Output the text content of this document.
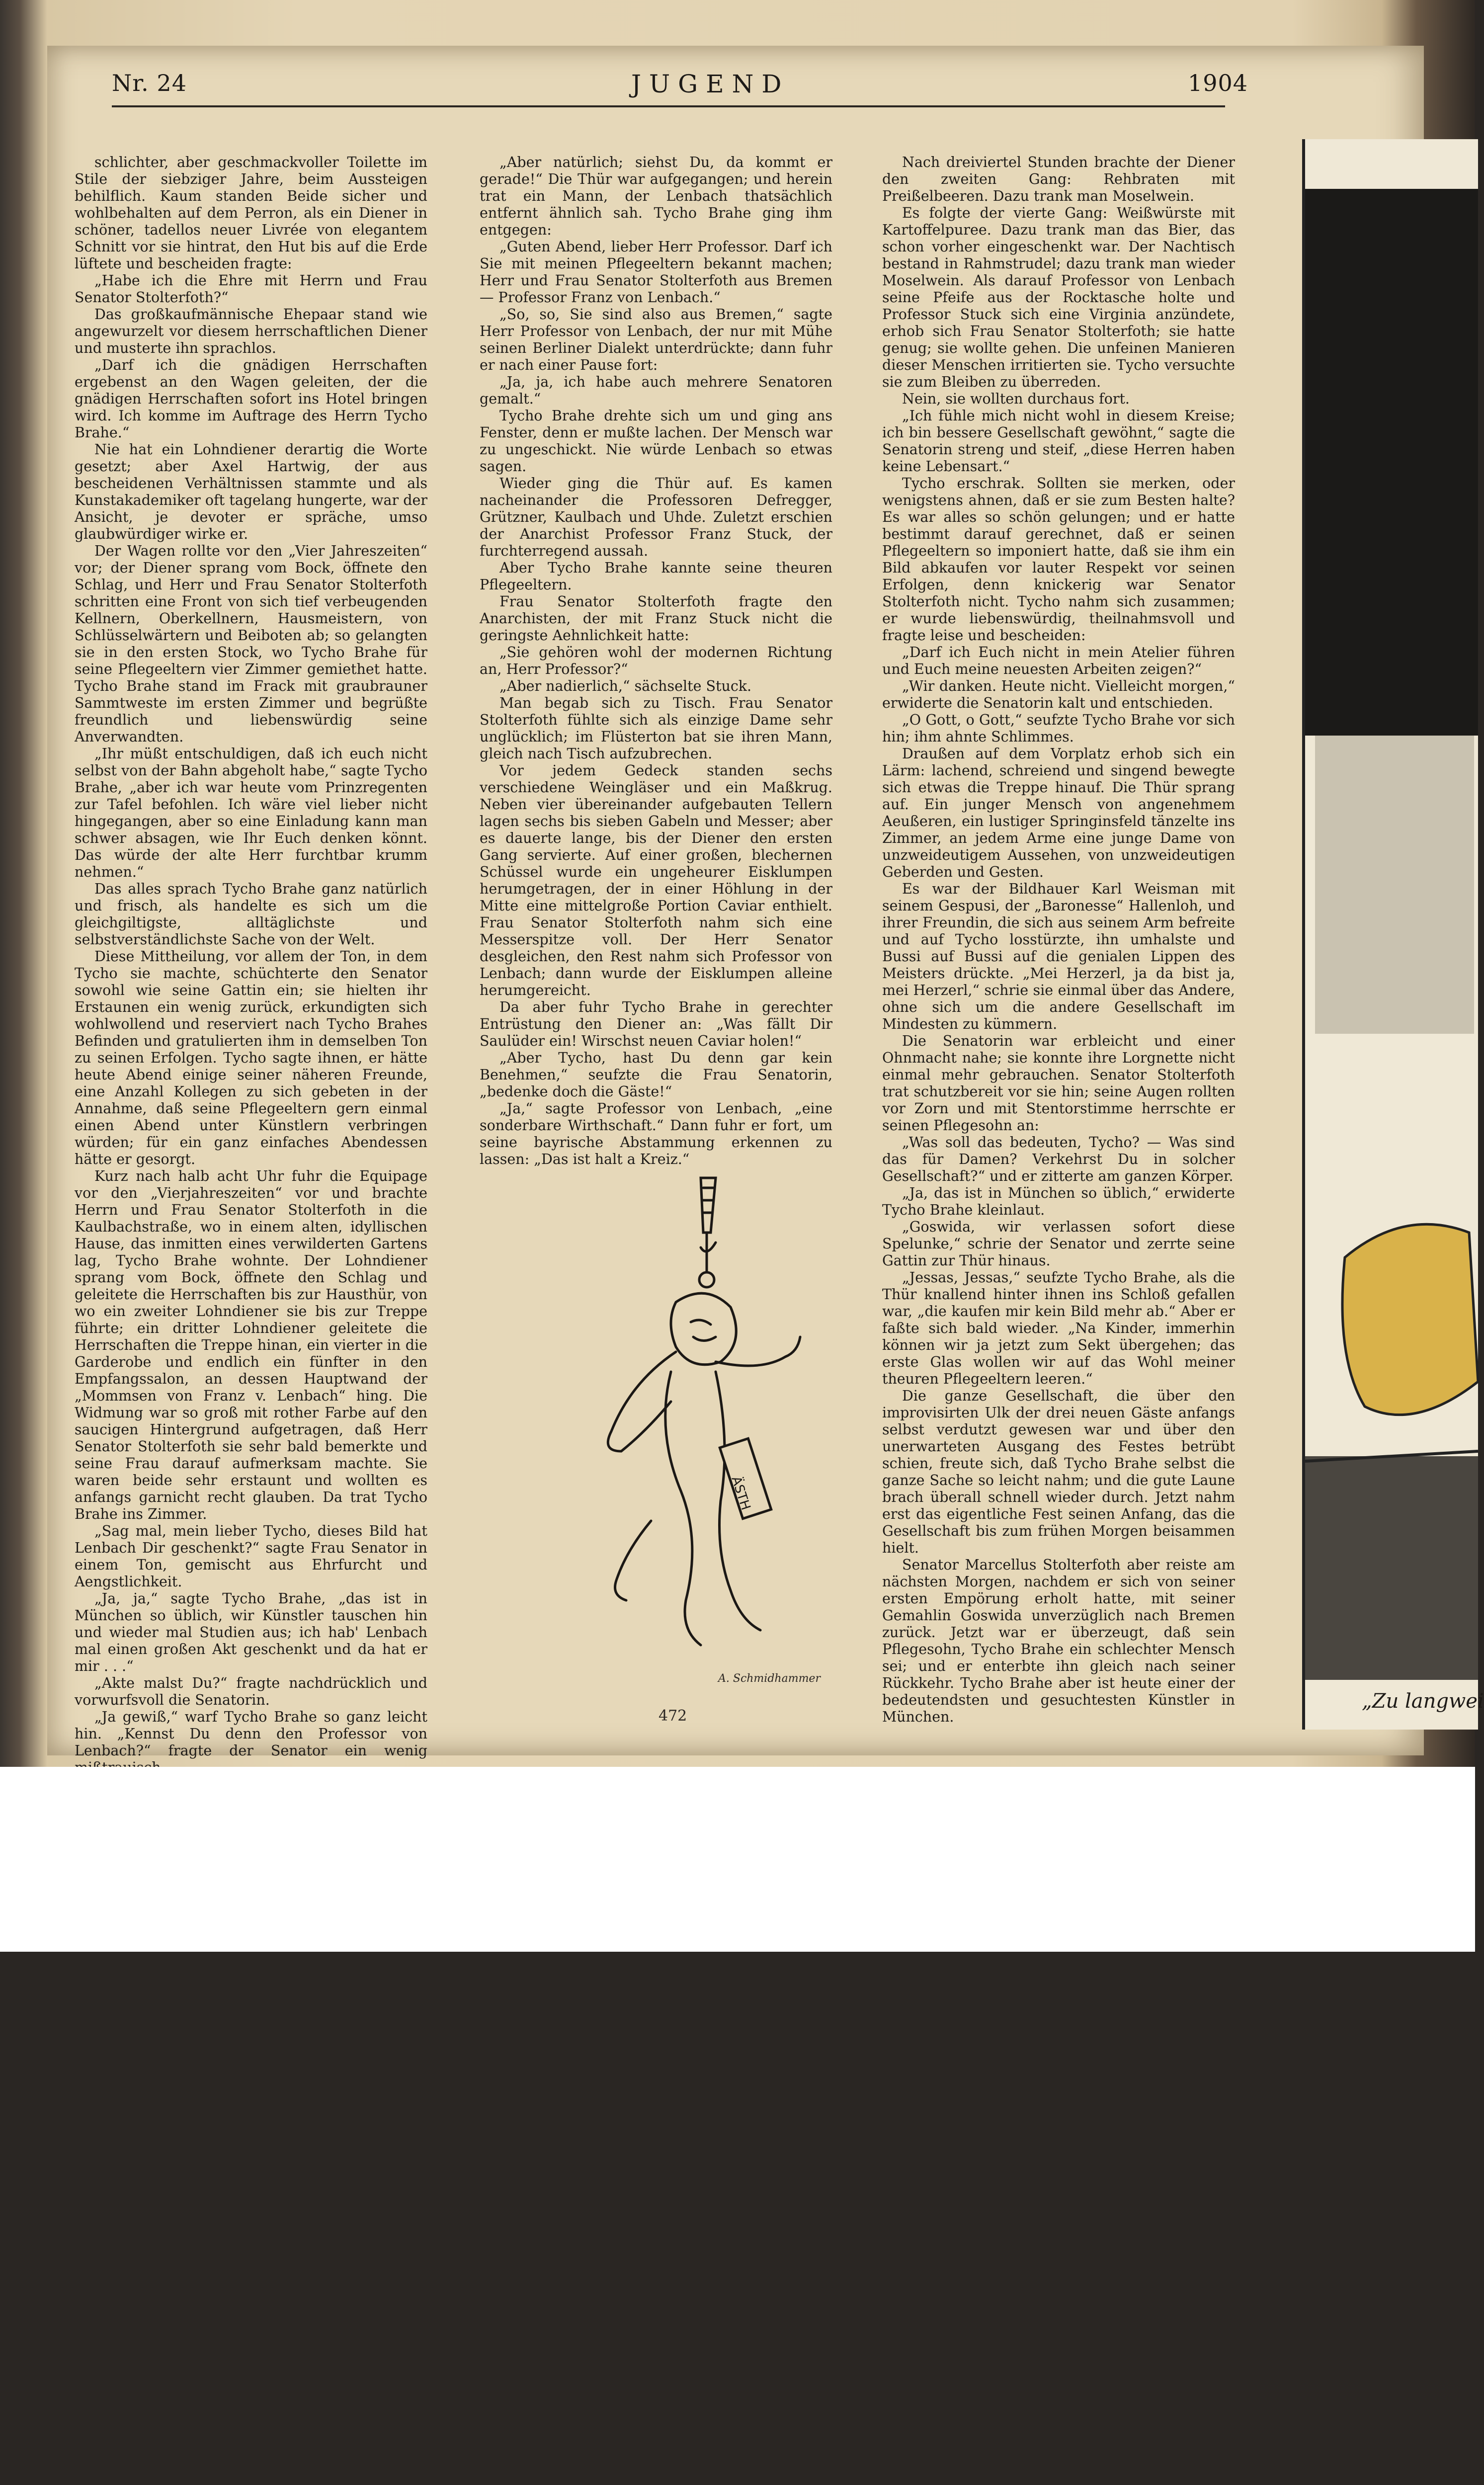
Nr. 24	JUGEND	1904

schlichter, aber geschmackvoller Toilette im Stile der siebziger Jahre, beim Aussteigen behilflich. Kaum standen Beide sicher und wohlbehalten auf dem Perron, als ein Diener in schöner, tadellos neuer Livrée von elegantem Schnitt vor sie hintrat, den Hut bis auf die Erde lüftete und bescheiden fragte:

„Habe ich die Ehre mit Herrn und Frau Senator Stolterfoth?“

Das großkaufmännische Ehepaar stand wie angewurzelt vor diesem herrschaftlichen Diener und musterte ihn sprachlos.

„Darf ich die gnädigen Herrschaften ergebenst an den Wagen geleiten, der die gnädigen Herrschaften sofort ins Hotel bringen wird. Ich komme im Auftrage des Herrn Tycho Brahe.“

Nie hat ein Lohndiener derartig die Worte gesetzt; aber Axel Hartwig, der aus bescheidenen Verhältnissen stammte und als Kunstakademiker oft tagelang hungerte, war der Ansicht, je devoter er spräche, umso glaubwürdiger wirke er.

Der Wagen rollte vor den „Vier Jahreszeiten“ vor; der Diener sprang vom Bock, öffnete den Schlag, und Herr und Frau Senator Stolterfoth schritten eine Front von sich tief verbeugenden Kellnern, Oberkellnern, Hausmeistern, von Schlüsselwärtern und Beiboten ab; so gelangten sie in den ersten Stock, wo Tycho Brahe für seine Pflegeeltern vier Zimmer gemiethet hatte. Tycho Brahe stand im Frack mit graubrauner Sammtweste im ersten Zimmer und begrüßte freundlich und liebenswürdig seine Anverwandten.

„Ihr müßt entschuldigen, daß ich euch nicht selbst von der Bahn abgeholt habe,“ sagte Tycho Brahe, „aber ich war heute vom Prinzregenten zur Tafel befohlen. Ich wäre viel lieber nicht hingegangen, aber so eine Einladung kann man schwer absagen, wie Ihr Euch denken könnt. Das würde der alte Herr furchtbar krumm nehmen.“

Das alles sprach Tycho Brahe ganz natürlich und frisch, als handelte es sich um die gleichgiltigste, alltäglichste und selbstverständlichste Sache von der Welt.

Diese Mittheilung, vor allem der Ton, in dem Tycho sie machte, schüchterte den Senator sowohl wie seine Gattin ein; sie hielten ihr Erstaunen ein wenig zurück, erkundigten sich wohlwollend und reserviert nach Tycho Brahes Befinden und gratulierten ihm in demselben Ton zu seinen Erfolgen. Tycho sagte ihnen, er hätte heute Abend einige seiner näheren Freunde, eine Anzahl Kollegen zu sich gebeten in der Annahme, daß seine Pflegeeltern gern einmal einen Abend unter Künstlern verbringen würden; für ein ganz einfaches Abendessen hätte er gesorgt.

Kurz nach halb acht Uhr fuhr die Equipage vor den „Vierjahreszeiten“ vor und brachte Herrn und Frau Senator Stolterfoth in die Kaulbachstraße, wo in einem alten, idyllischen Hause, das inmitten eines verwilderten Gartens lag, Tycho Brahe wohnte. Der Lohndiener sprang vom Bock, öffnete den Schlag und geleitete die Herrschaften bis zur Hausthür, von wo ein zweiter Lohndiener sie bis zur Treppe führte; ein dritter Lohndiener geleitete die Herrschaften die Treppe hinan, ein vierter in die Garderobe und endlich ein fünfter in den Empfangssalon, an dessen Hauptwand der „Mommsen von Franz v. Lenbach“ hing. Die Widmung war so groß mit rother Farbe auf den saucigen Hintergrund aufgetragen, daß Herr Senator Stolterfoth sie sehr bald bemerkte und seine Frau darauf aufmerksam machte. Sie waren beide sehr erstaunt und wollten es anfangs garnicht recht glauben. Da trat Tycho Brahe ins Zimmer.

„Sag mal, mein lieber Tycho, dieses Bild hat Lenbach Dir geschenkt?“ sagte Frau Senator in einem Ton, gemischt aus Ehrfurcht und Aengstlichkeit.

„Ja, ja,“ sagte Tycho Brahe, „das ist in München so üblich, wir Künstler tauschen hin und wieder mal Studien aus; ich hab' Lenbach mal einen großen Akt geschenkt und da hat er mir . . .“

„Akte malst Du?“ fragte nachdrücklich und vorwurfsvoll die Senatorin.

„Ja gewiß,“ warf Tycho Brahe so ganz leicht hin. „Kennst Du denn den Professor von Lenbach?“ fragte der Senator ein wenig

„Aber natürlich; siehst Du, da kommt er gerade!“ Die Thür war aufgegangen; und herein trat ein Mann, der Lenbach thatsächlich entfernt ähnlich sah. Tycho Brahe ging ihm entgegen:

„Guten Abend, lieber Herr Professor. Darf ich Sie mit meinen Pflegeeltern bekannt machen; Herr und Frau Senator Stolterfoth aus Bremen — Professor Franz von Lenbach.“

„So, so, Sie sind also aus Bremen,“ sagte Herr Professor von Lenbach, der nur mit Mühe seinen Berliner Dialekt unterdrückte; dann fuhr er nach einer Pause fort:

„Ja, ja, ich habe auch mehrere Senatoren gemalt.“

Tycho Brahe drehte sich um und ging ans Fenster, denn er mußte lachen. Der Mensch war zu ungeschickt. Nie würde Lenbach so etwas sagen.

Wieder ging die Thür auf. Es kamen nacheinander die Professoren Defregger, Grützner, Kaulbach und Uhde. Zuletzt erschien der Anarchist Professor Franz Stuck, der furchterregend aussah.

Aber Tycho Brahe kannte seine theuren Pflegeeltern.

Frau Senator Stolterfoth fragte den Anarchisten, der mit Franz Stuck nicht die geringste Aehnlichkeit hatte:

„Sie gehören wohl der modernen Richtung an, Herr Professor?“

„Aber nadierlich,“ sächselte Stuck.

Man begab sich zu Tisch. Frau Senator Stolterfoth fühlte sich als einzige Dame sehr unglücklich; im Flüsterton bat sie ihren Mann, gleich nach Tisch aufzubrechen.

Vor jedem Gedeck standen sechs verschiedene Weingläser und ein Maßkrug. Neben vier übereinander aufgebauten Tellern lagen sechs bis sieben Gabeln und Messer; aber es dauerte lange, bis der Diener den ersten Gang servierte. Auf einer großen, blechernen Schüssel wurde ein ungeheurer Eisklumpen herumgetragen, der in einer Höhlung in der Mitte eine mittelgroße Portion Caviar enthielt. Frau Senator Stolterfoth nahm sich eine Messerspitze voll. Der Herr Senator desgleichen, den Rest nahm sich Professor von Lenbach; dann wurde der Eisklumpen alleine herumgereicht.

Da aber fuhr Tycho Brahe in gerechter Entrüstung den Diener an: „Was fällt Dir Saulüder ein! Wirschst neuen Caviar holen!“

„Aber Tycho, hast Du denn gar kein Benehmen,“ seufzte die Frau Senatorin, „bedenke doch die Gäste!“

„Ja,“ sagte Professor von Lenbach, „eine sonderbare Wirthschaft.“ Dann fuhr er fort, um seine bayrische Abstammung erkennen zu lassen: „Das ist halt a Kreiz.“

Nach dreiviertel Stunden brachte der Diener den zweiten Gang: Rehbraten mit Preißelbeeren. Dazu trank man Moselwein.

Es folgte der vierte Gang: Weißwürste mit Kartoffelpuree. Dazu trank man das Bier, das schon vorher eingeschenkt war. Der Nachtisch bestand in Rahmstrudel; dazu trank man wieder Moselwein. Als darauf Professor von Lenbach seine Pfeife aus der Rocktasche holte und Professor Stuck sich eine Virginia anzündete, erhob sich Frau Senator Stolterfoth; sie hatte genug; sie wollte gehen. Die unfeinen Manieren dieser Menschen irritierten sie. Tycho versuchte sie zum Bleiben zu überreden.

Nein, sie wollten durchaus fort.

„Ich fühle mich nicht wohl in diesem Kreise; ich bin bessere Gesellschaft gewöhnt,“ sagte die Senatorin streng und steif, „diese Herren haben keine Lebensart.“

Tycho erschrak. Sollten sie merken, oder wenigstens ahnen, daß er sie zum Besten halte? Es war alles so schön gelungen; und er hatte bestimmt darauf gerechnet, daß er seinen Pflegeeltern so imponiert hatte, daß sie ihm ein Bild abkaufen vor lauter Respekt vor seinen Erfolgen, denn knickerig war Senator Stolterfoth nicht. Tycho nahm sich zusammen; er wurde liebenswürdig, theilnahmsvoll und fragte leise und bescheiden:

„Darf ich Euch nicht in mein Atelier führen und Euch meine neuesten Arbeiten zeigen?“

„Wir danken. Heute nicht. Vielleicht morgen,“ erwiderte die Senatorin kalt und entschieden.

„O Gott, o Gott,“ seufzte Tycho Brahe vor sich hin; ihm ahnte Schlimmes.

Draußen auf dem Vorplatz erhob sich ein Lärm: lachend, schreiend und singend bewegte sich etwas die Treppe hinauf. Die Thür sprang auf. Ein junger Mensch von angenehmem Aeußeren, ein lustiger Springinsfeld tänzelte ins Zimmer, an jedem Arme eine junge Dame von unzweideutigem Aussehen, von unzweideutigen Geberden und Gesten.

Es war der Bildhauer Karl Weisman mit seinem Gespusi, der „Baronesse“ Hallenloh, und ihrer Freundin, die sich aus seinem Arm befreite und auf Tycho losstürzte, ihn umhalste und Bussi auf Bussi auf die genialen Lippen des Meisters drückte. „Mei Herzerl, ja da bist ja, mei Herzerl,“ schrie sie einmal über das Andere, ohne sich um die andere Gesellschaft im Mindesten zu kümmern.

Die Senatorin war erbleicht und einer Ohnmacht nahe; sie konnte ihre Lorgnette nicht einmal mehr gebrauchen. Senator Stolterfoth trat schutzbereit vor sie hin; seine Augen rollten vor Zorn und mit Stentorstimme herrschte er seinen Pflegesohn an:

„Was soll das bedeuten, Tycho? — Was sind das für Damen? Verkehrst Du in solcher Gesellschaft?“ und er zitterte am ganzen Körper.

„Ja, das ist in München so üblich,“ erwiderte Tycho Brahe kleinlaut.

„Goswida, wir verlassen sofort diese Spelunke,“ schrie der Senator und zerrte seine Gattin zur Thür hinaus.

„Jessas, Jessas,“ seufzte Tycho Brahe, als die Thür knallend hinter ihnen ins Schloß gefallen war, „die kaufen mir kein Bild mehr ab.“ Aber er faßte sich bald wieder. „Na Kinder, immerhin können wir ja jetzt zum Sekt übergehen; das erste Glas wollen wir auf das Wohl meiner theuren Pflegeeltern leeren.“

Die ganze Gesellschaft, die über den improvisirten Ulk der drei neuen Gäste anfangs selbst verdutzt gewesen war und über den unerwarteten Ausgang des Festes betrübt schien, freute sich, daß Tycho Brahe selbst die ganze Sache so leicht nahm; und die gute Laune brach überall schnell wieder durch. Jetzt nahm erst das eigentliche Fest seinen Anfang, das die Gesellschaft bis zum frühen Morgen beisammen hielt.

Senator Marcellus Stolterfoth aber reiste am nächsten Morgen, nachdem er sich von seiner ersten Empörung erholt hatte, mit seiner Gemahlin Goswida unverzüglich nach Bremen zurück. Jetzt war er überzeugt, daß sein Pflegesohn, Tycho Brahe ein schlechter Mensch sei; und er enterbte ihn gleich nach seiner Rückkehr. Tycho Brahe aber ist heute einer der bedeutendsten und gesuchtesten Künstler in München.

ÄSTH
A. Schmidhammer
472
„Zu langwei
